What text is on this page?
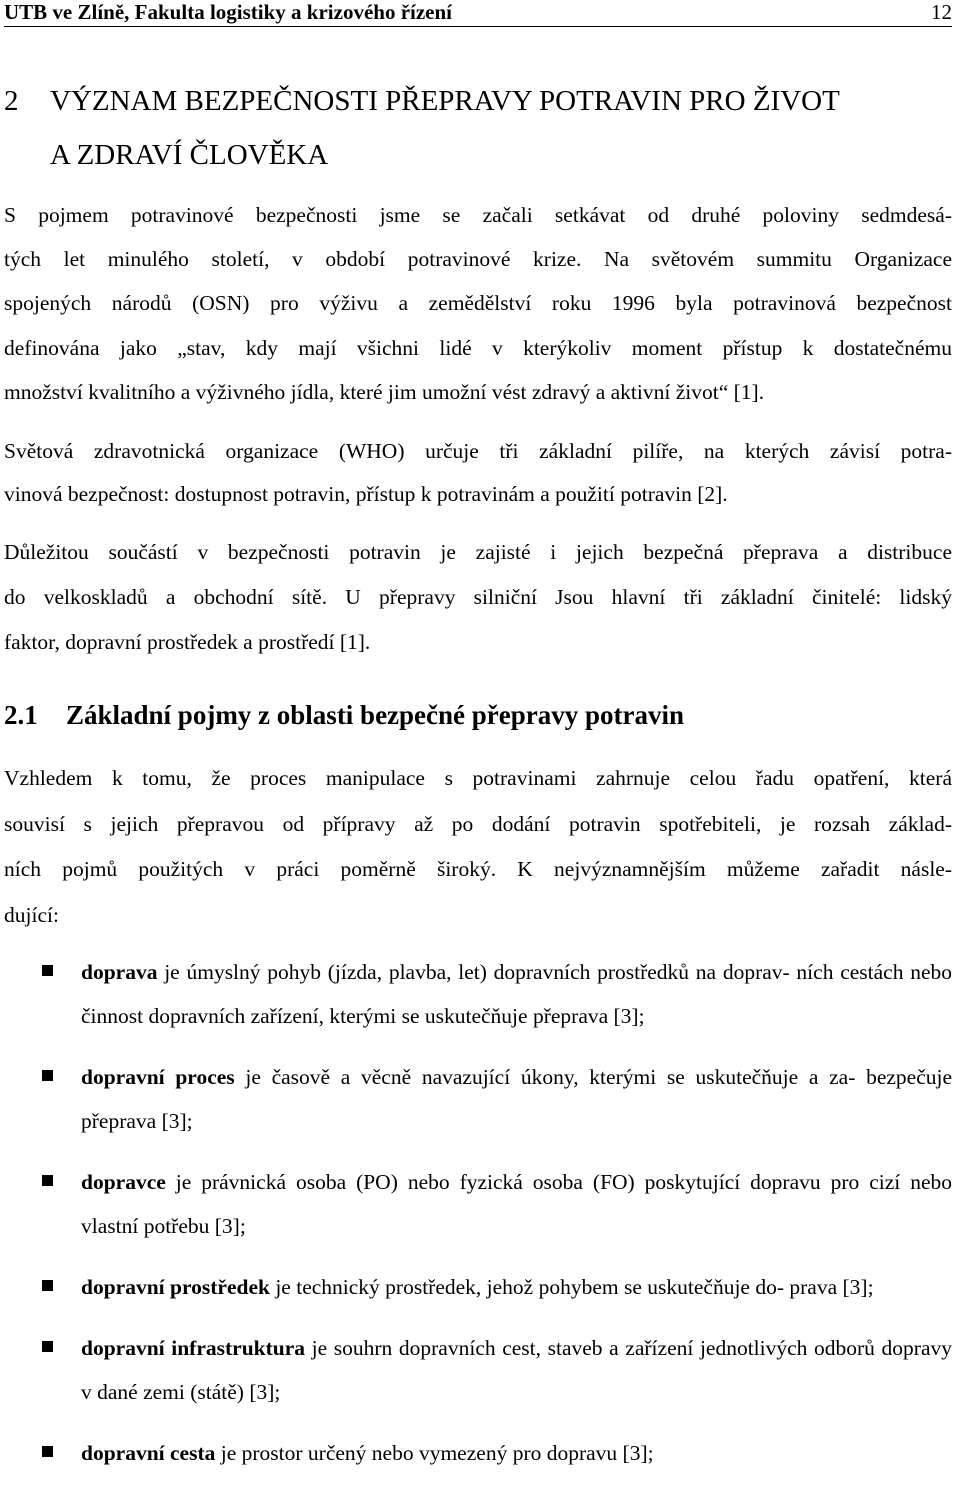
UTB ve Zlíně, Fakulta logistiky a krizového řízení	12
2	VÝZNAM BEZPEČNOSTI PŘEPRAVY POTRAVIN PRO ŽIVOT
A ZDRAVÍ ČLOVĚKA

S pojmem potravinové bezpečnosti jsme se začali setkávat od druhé poloviny sedmdesá-
tých let minulého století, v období potravinové krize. Na světovém summitu Organizace
spojených národů (OSN) pro výživu a zemědělství roku 1996 byla potravinová bezpečnost
definována jako „stav, kdy mají všichni lidé v kterýkoliv moment přístup k dostatečnému
množství kvalitního a výživného jídla, které jim umožní vést zdravý a aktivní život“ [1].

Světová zdravotnická organizace (WHO) určuje tři základní pilíře, na kterých závisí potra-
vinová bezpečnost: dostupnost potravin, přístup k potravinám a použití potravin [2].

Důležitou součástí v bezpečnosti potravin je zajisté i jejich bezpečná přeprava a distribuce
do velkoskladů a obchodní sítě. U přepravy silniční Jsou hlavní tři základní činitelé: lidský
faktor, dopravní prostředek a prostředí [1].

2.1	Základní pojmy z oblasti bezpečné přepravy potravin

Vzhledem k tomu, že proces manipulace s potravinami zahrnuje celou řadu opatření, která
souvisí s jejich přepravou od přípravy až po dodání potravin spotřebiteli, je rozsah základ-
ních pojmů použitých v práci poměrně široký. K nejvýznamnějším můžeme zařadit násle-
dující:

doprava je úmyslný pohyb (jízda, plavba, let) dopravních prostředků na doprav- ních cestách nebo činnost dopravních zařízení, kterými se uskutečňuje přeprava [3];
dopravní proces je časově a věcně navazující úkony, kterými se uskutečňuje a za- bezpečuje přeprava [3];
dopravce je právnická osoba (PO) nebo fyzická osoba (FO) poskytující dopravu pro cizí nebo vlastní potřebu [3];
dopravní prostředek je technický prostředek, jehož pohybem se uskutečňuje do- prava [3];
dopravní infrastruktura je souhrn dopravních cest, staveb a zařízení jednotlivých odborů dopravy v dané zemi (státě) [3];
dopravní cesta je prostor určený nebo vymezený pro dopravu [3];
